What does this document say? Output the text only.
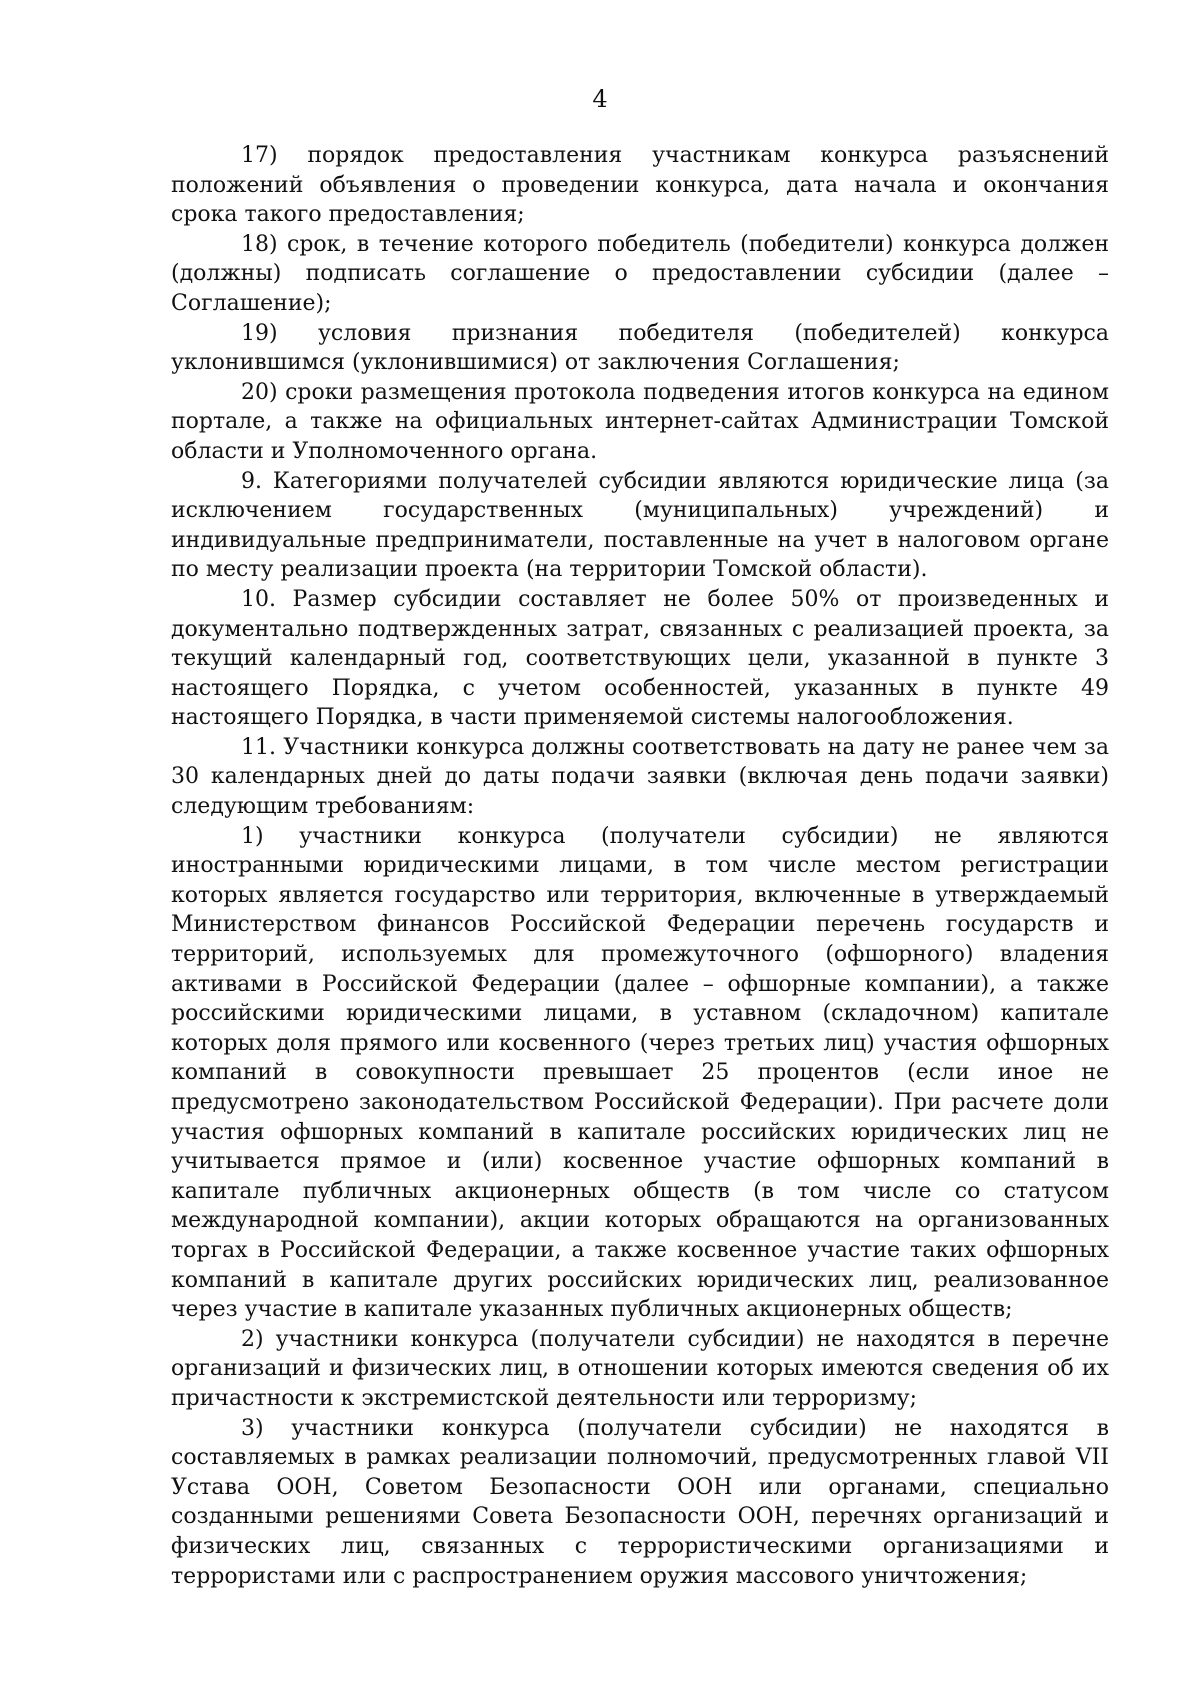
4

17) порядок предоставления участникам конкурса разъяснений положений объявления о проведении конкурса, дата начала и окончания срока такого предоставления;

18) срок, в течение которого победитель (победители) конкурса должен (должны) подписать соглашение о предоставлении субсидии (далее – Соглашение);

19) условия признания победителя (победителей) конкурса уклонившимся (уклонившимися) от заключения Соглашения;

20) сроки размещения протокола подведения итогов конкурса на едином портале, а также на официальных интернет-сайтах Администрации Томской области и Уполномоченного органа.

9. Категориями получателей субсидии являются юридические лица (за исключением государственных (муниципальных) учреждений) и индивидуальные предприниматели, поставленные на учет в налоговом органе по месту реализации проекта (на территории Томской области).

10. Размер субсидии составляет не более 50% от произведенных и документально подтвержденных затрат, связанных с реализацией проекта, за текущий календарный год, соответствующих цели, указанной в пункте 3 настоящего Порядка, с учетом особенностей, указанных в пункте 49 настоящего Порядка, в части применяемой системы налогообложения.

11. Участники конкурса должны соответствовать на дату не ранее чем за 30 календарных дней до даты подачи заявки (включая день подачи заявки) следующим требованиям:

1) участники конкурса (получатели субсидии) не являются иностранными юридическими лицами, в том числе местом регистрации которых является государство или территория, включенные в утверждаемый Министерством финансов Российской Федерации перечень государств и территорий, используемых для промежуточного (офшорного) владения активами в Российской Федерации (далее – офшорные компании), а также российскими юридическими лицами, в уставном (складочном) капитале которых доля прямого или косвенного (через третьих лиц) участия офшорных компаний в совокупности превышает 25 процентов (если иное не предусмотрено законодательством Российской Федерации). При расчете доли участия офшорных компаний в капитале российских юридических лиц не учитывается прямое и (или) косвенное участие офшорных компаний в капитале публичных акционерных обществ (в том числе со статусом международной компании), акции которых обращаются на организованных торгах в Российской Федерации, а также косвенное участие таких офшорных компаний в капитале других российских юридических лиц, реализованное через участие в капитале указанных публичных акционерных обществ;

2) участники конкурса (получатели субсидии) не находятся в перечне организаций и физических лиц, в отношении которых имеются сведения об их причастности к экстремистской деятельности или терроризму;

3) участники конкурса (получатели субсидии) не находятся в составляемых в рамках реализации полномочий, предусмотренных главой VII Устава ООН, Советом Безопасности ООН или органами, специально созданными решениями Совета Безопасности ООН, перечнях организаций и физических лиц, связанных с террористическими организациями и террористами или с распространением оружия массового уничтожения;
